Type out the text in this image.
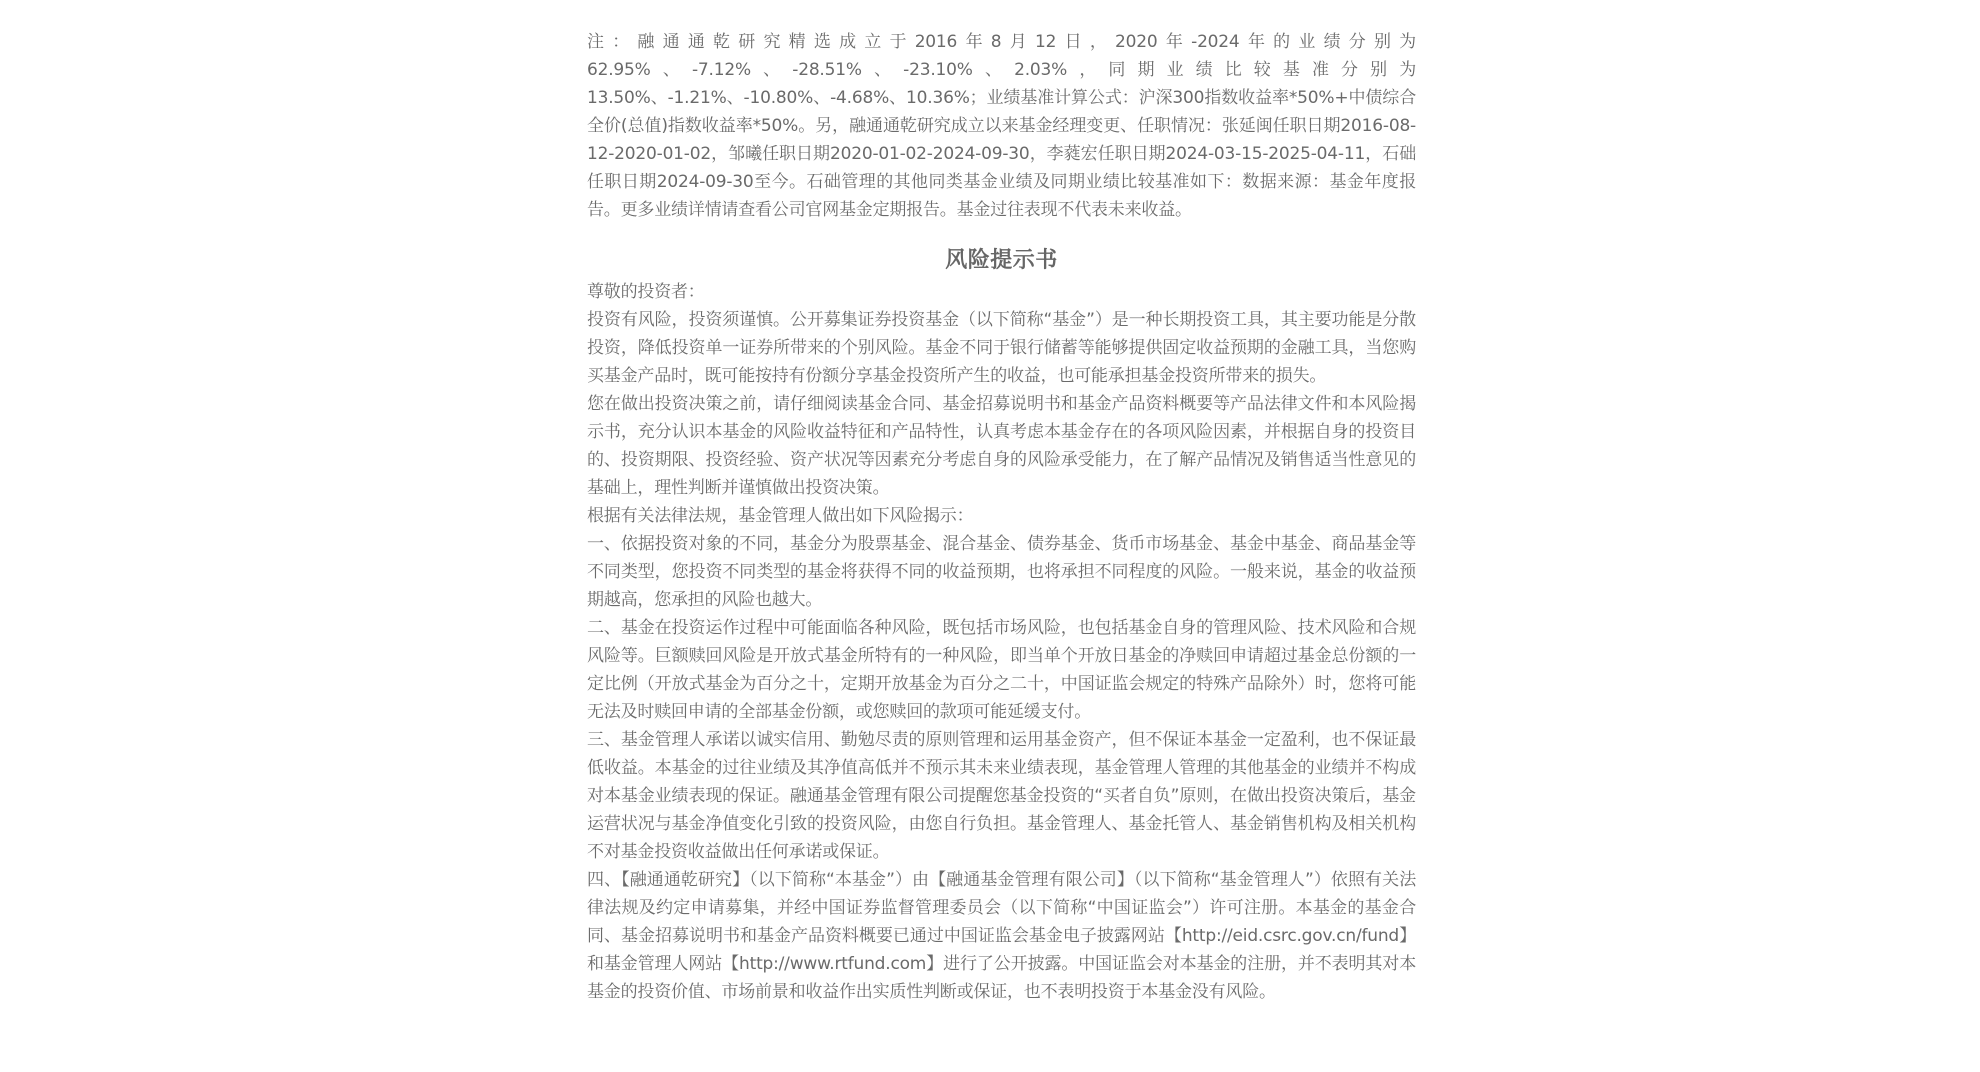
注：融通通乾研究精选成立于2016年8月12日，2020年-2024年的业绩分别为62.95%、-7.12%、-28.51%、-23.10%、2.03%，同期业绩比较基准分别为13.50%、-1.21%、-10.80%、-4.68%、10.36%；业绩基准计算公式：沪深300指数收益率*50%+中债综合全价(总值)指数收益率*50%。另，融通通乾研究成立以来基金经理变更、任职情况：张延闽任职日期2016-08-12-2020-01-02，邹曦任职日期2020-01-02-2024-09-30，李蕤宏任职日期2024-03-15-2025-04-11，石础任职日期2024-09-30至今。石础管理的其他同类基金业绩及同期业绩比较基准如下：数据来源：基金年度报告。更多业绩详情请查看公司官网基金定期报告。基金过往表现不代表未来收益。

风险提示书

尊敬的投资者：

投资有风险，投资须谨慎。公开募集证券投资基金（以下简称“基金”）是一种长期投资工具，其主要功能是分散投资，降低投资单一证券所带来的个别风险。基金不同于银行储蓄等能够提供固定收益预期的金融工具，当您购买基金产品时，既可能按持有份额分享基金投资所产生的收益，也可能承担基金投资所带来的损失。

您在做出投资决策之前，请仔细阅读基金合同、基金招募说明书和基金产品资料概要等产品法律文件和本风险揭示书，充分认识本基金的风险收益特征和产品特性，认真考虑本基金存在的各项风险因素，并根据自身的投资目的、投资期限、投资经验、资产状况等因素充分考虑自身的风险承受能力，在了解产品情况及销售适当性意见的基础上，理性判断并谨慎做出投资决策。

根据有关法律法规，基金管理人做出如下风险揭示：

一、依据投资对象的不同，基金分为股票基金、混合基金、债券基金、货币市场基金、基金中基金、商品基金等不同类型，您投资不同类型的基金将获得不同的收益预期，也将承担不同程度的风险。一般来说，基金的收益预期越高，您承担的风险也越大。

二、基金在投资运作过程中可能面临各种风险，既包括市场风险，也包括基金自身的管理风险、技术风险和合规风险等。巨额赎回风险是开放式基金所特有的一种风险，即当单个开放日基金的净赎回申请超过基金总份额的一定比例（开放式基金为百分之十，定期开放基金为百分之二十，中国证监会规定的特殊产品除外）时，您将可能无法及时赎回申请的全部基金份额，或您赎回的款项可能延缓支付。

三、基金管理人承诺以诚实信用、勤勉尽责的原则管理和运用基金资产，但不保证本基金一定盈利，也不保证最低收益。本基金的过往业绩及其净值高低并不预示其未来业绩表现，基金管理人管理的其他基金的业绩并不构成对本基金业绩表现的保证。融通基金管理有限公司提醒您基金投资的“买者自负”原则，在做出投资决策后，基金运营状况与基金净值变化引致的投资风险，由您自行负担。基金管理人、基金托管人、基金销售机构及相关机构不对基金投资收益做出任何承诺或保证。

四、【融通通乾研究】（以下简称“本基金”）由【融通基金管理有限公司】（以下简称“基金管理人”）依照有关法律法规及约定申请募集，并经中国证券监督管理委员会（以下简称“中国证监会”）许可注册。本基金的基金合同、基金招募说明书和基金产品资料概要已通过中国证监会基金电子披露网站【http://eid.csrc.gov.cn/fund】和基金管理人网站【http://www.rtfund.com】进行了公开披露。中国证监会对本基金的注册，并不表明其对本基金的投资价值、市场前景和收益作出实质性判断或保证，也不表明投资于本基金没有风险。
